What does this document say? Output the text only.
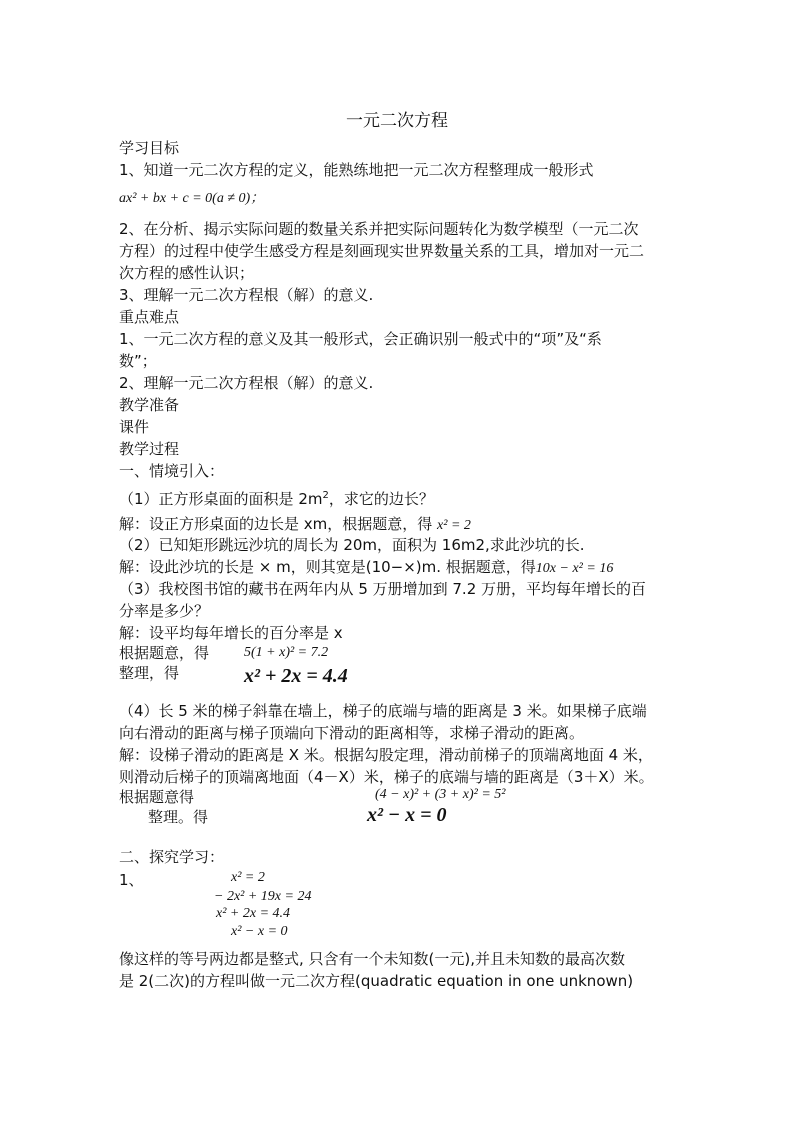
一元二次方程
学习目标
1、知道一元二次方程的定义，能熟练地把一元二次方程整理成一般形式
ax² + bx + c = 0(a ≠ 0)；
2、在分析、揭示实际问题的数量关系并把实际问题转化为数学模型（一元二次
方程）的过程中使学生感受方程是刻画现实世界数量关系的工具，增加对一元二
次方程的感性认识；
3、理解一元二次方程根（解）的意义.
重点难点
1、一元二次方程的意义及其一般形式，会正确识别一般式中的“项”及“系
数”；
2、理解一元二次方程根（解）的意义.
教学准备
课件
教学过程
一、情境引入：
（1）正方形桌面的面积是 $2m^2$，求它的边长？
解：设正方形桌面的边长是 xm，根据题意，得 x² = 2
（2）已知矩形跳远沙坑的周长为 20m，面积为 16m2,求此沙坑的长.
解：设此沙坑的长是 × m，则其宽是(10−×)m. 根据题意，得10x − x² = 16
（3）我校图书馆的藏书在两年内从 5 万册增加到 7.2 万册，平均每年增长的百
分率是多少？
解：设平均每年增长的百分率是 x
根据题意，得 5(1 + x)² = 7.2
整理，得	x² + 2x = 4.4
（4）长 5 米的梯子斜靠在墙上，梯子的底端与墙的距离是 3 米。如果梯子底端
向右滑动的距离与梯子顶端向下滑动的距离相等，求梯子滑动的距离。
解：设梯子滑动的距离是 X 米。根据勾股定理，滑动前梯子的顶端离地面 4 米，
则滑动后梯子的顶端离地面（4－X）米，梯子的底端与墙的距离是（3＋X）米。
根据题意得	(4 − x)² + (3 + x)² = 5²
整理。得	x² − x = 0
二、探究学习：
1、	x² = 2
− 2x² + 19x = 24
x² + 2x = 4.4
x² − x = 0
像这样的等号两边都是整式, 只含有一个未知数(一元),并且未知数的最高次数
是 2(二次)的方程叫做一元二次方程(quadratic equation in one unknown)
